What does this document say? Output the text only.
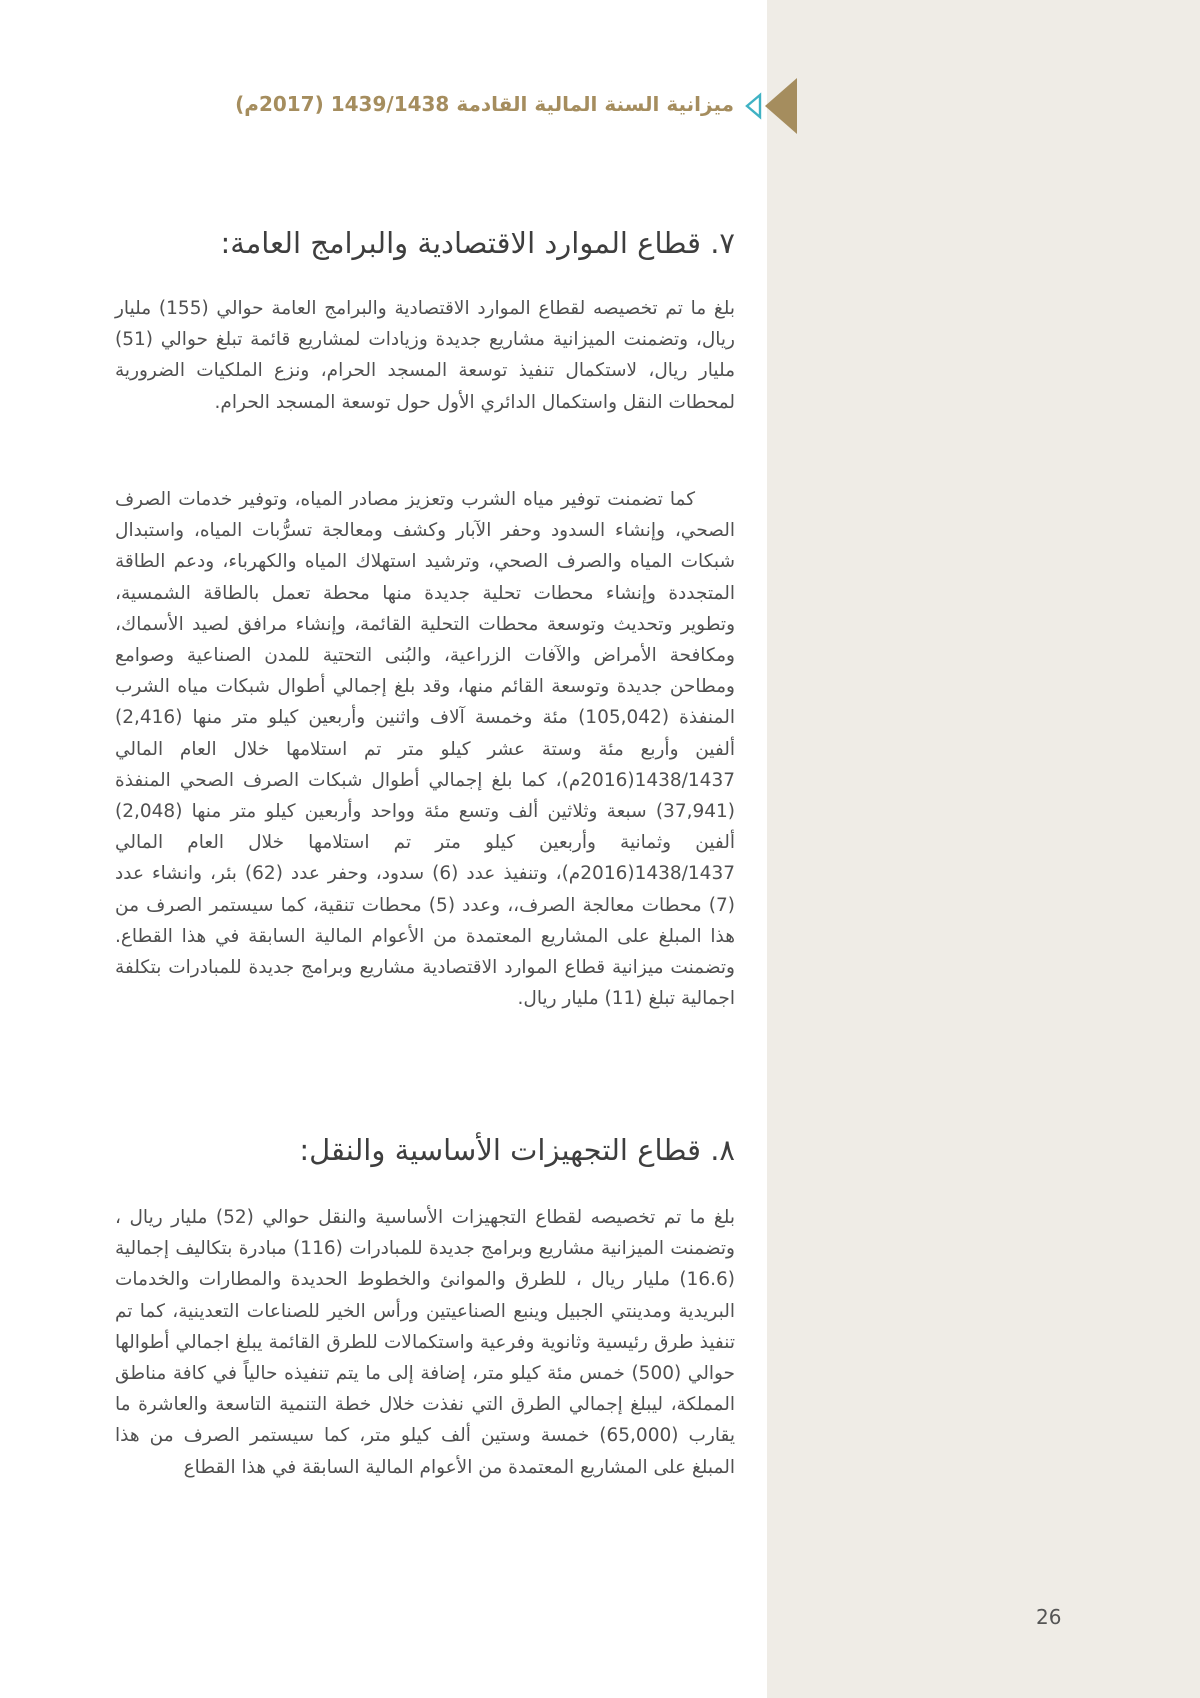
ميزانية السنة المالية القادمة 1439/1438 (2017م)
٧. قطاع الموارد الاقتصادية والبرامج العامة:

بلغ ما تم تخصيصه لقطاع الموارد الاقتصادية والبرامج العامة حوالي (155) مليار ريال، وتضمنت الميزانية مشاريع جديدة وزيادات لمشاريع قائمة تبلغ حوالي (51) مليار ريال، لاستكمال تنفيذ توسعة المسجد الحرام، ونزع الملكيات الضرورية لمحطات النقل واستكمال الدائري الأول حول توسعة المسجد الحرام.

كما تضمنت توفير مياه الشرب وتعزيز مصادر المياه، وتوفير خدمات الصرف الصحي، وإنشاء السدود وحفر الآبار وكشف ومعالجة تسرُّبات المياه، واستبدال شبكات المياه والصرف الصحي، وترشيد استهلاك المياه والكهرباء، ودعم الطاقة المتجددة وإنشاء محطات تحلية جديدة منها محطة تعمل بالطاقة الشمسية، وتطوير وتحديث وتوسعة محطات التحلية القائمة، وإنشاء مرافق لصيد الأسماك، ومكافحة الأمراض والآفات الزراعية، والبُنى التحتية للمدن الصناعية وصوامع ومطاحن جديدة وتوسعة القائم منها، وقد بلغ إجمالي أطوال شبكات مياه الشرب المنفذة (105,042) مئة وخمسة آلاف واثنين وأربعين كيلو متر منها (2,416) ألفين وأربع مئة وستة عشر كيلو متر تم استلامها خلال العام المالي 1438/1437(2016م)، كما بلغ إجمالي أطوال شبكات الصرف الصحي المنفذة (37,941) سبعة وثلاثين ألف وتسع مئة وواحد وأربعين كيلو متر منها (2,048) ألفين وثمانية وأربعين كيلو متر تم استلامها خلال العام المالي 1438/1437(2016م)، وتنفيذ عدد (6) سدود، وحفر عدد (62) بئر، وانشاء عدد (7) محطات معالجة الصرف،، وعدد (5) محطات تنقية، كما سيستمر الصرف من هذا المبلغ على المشاريع المعتمدة من الأعوام المالية السابقة في هذا القطاع. وتضمنت ميزانية قطاع الموارد الاقتصادية مشاريع وبرامج جديدة للمبادرات بتكلفة اجمالية تبلغ (11) مليار ريال.

٨. قطاع التجهيزات الأساسية والنقل:

بلغ ما تم تخصيصه لقطاع التجهيزات الأساسية والنقل حوالي (52) مليار ريال ، وتضمنت الميزانية مشاريع وبرامج جديدة للمبادرات (116) مبادرة بتكاليف إجمالية (16.6) مليار ريال ، للطرق والموانئ والخطوط الحديدة والمطارات والخدمات البريدية ومدينتي الجبيل وينبع الصناعيتين ورأس الخير للصناعات التعدينية، كما تم تنفيذ طرق رئيسية وثانوية وفرعية واستكمالات للطرق القائمة يبلغ اجمالي أطوالها حوالي (500) خمس مئة كيلو متر، إضافة إلى ما يتم تنفيذه حالياً في كافة مناطق المملكة، ليبلغ إجمالي الطرق التي نفذت خلال خطة التنمية التاسعة والعاشرة ما يقارب (65,000) خمسة وستين ألف كيلو متر، كما سيستمر الصرف من هذا المبلغ على المشاريع المعتمدة من الأعوام المالية السابقة في هذا القطاع

26
